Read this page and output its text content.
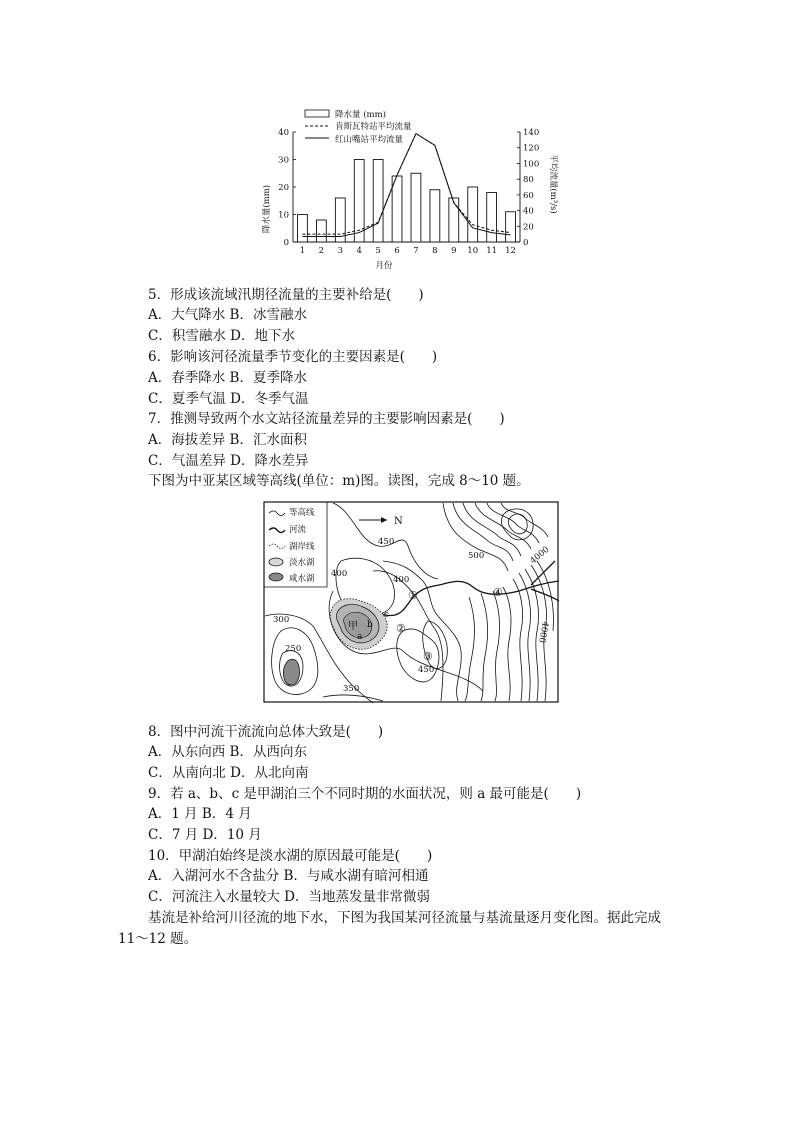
0
10
20
30
40
0
20
40
60
80
100
120
140
1 2 3 4 5 6 7 8 9 10 11 12
降水量 (mm)
肯斯瓦特站平均流量
红山嘴站平均流量
降水量(mm)	平均流量(m³/s)
月份
5．形成该流域汛期径流量的主要补给是(　　)
A．大气降水 B．冰雪融水
C．积雪融水 D．地下水
6．影响该河径流量季节变化的主要因素是(　　)
A．春季降水 B．夏季降水
C．夏季气温 D．冬季气温
7．推测导致两个水文站径流量差异的主要影响因素是(　　)
A．海拔差异 B．汇水面积
C．气温差异 D．降水差异
下图为中亚某区域等高线(单位：m)图。读图，完成 8～10 题。
等高线
河流
湖岸线
淡水湖
咸水湖
N
甲
a
b
c
450
500
400
400
300
250
350
450
4000
4000
①
②
③
④
8．图中河流干流流向总体大致是(　　)
A．从东向西 B．从西向东
C．从南向北 D．从北向南
9．若 a、b、c 是甲湖泊三个不同时期的水面状况，则 a 最可能是(　　)
A．1 月 B．4 月
C．7 月 D．10 月
10．甲湖泊始终是淡水湖的原因最可能是(　　)
A．入湖河水不含盐分 B．与咸水湖有暗河相通
C．河流注入水量较大 D．当地蒸发量非常微弱
基流是补给河川径流的地下水，下图为我国某河径流量与基流量逐月变化图。据此完成
11～12 题。
